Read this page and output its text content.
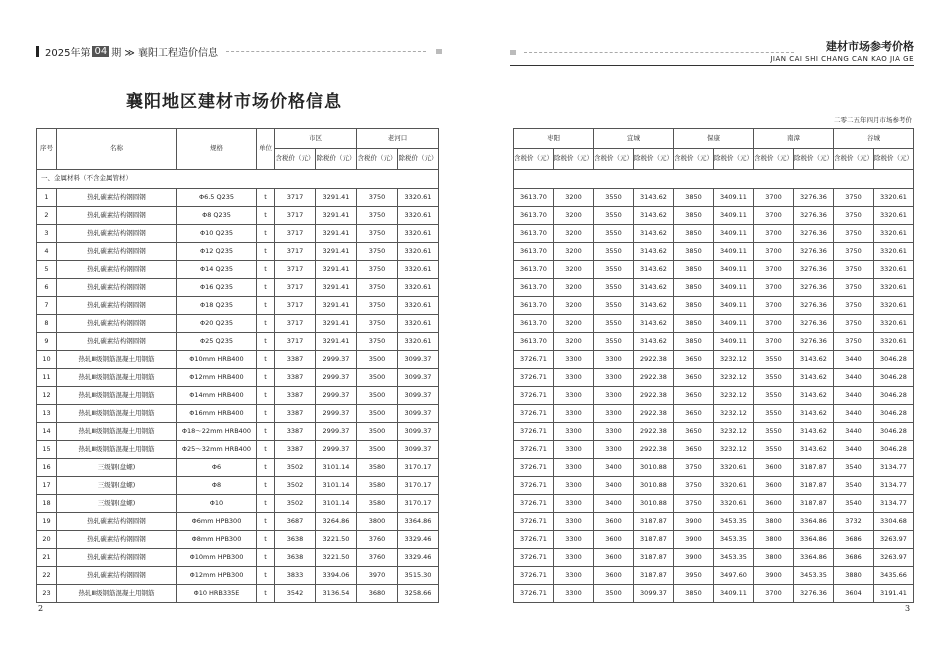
2025年第 04 期 ≫ 襄阳工程造价信息
建材市场参考价格
JIAN CAI SHI CHANG CAN KAO JIA GE
襄阳地区建材市场价格信息
二零二五年四月市场参考价
序号	名称	规格	单位	市区		老河口	
				含税价（元）	除税价（元）	含税价（元）	除税价（元）
一、金属材料（不含金属管材）							
1	热轧碳素结构钢圆钢	Φ6.5 Q235	t	3717	3291.41	3750	3320.61
2	热轧碳素结构钢圆钢	Φ8 Q235	t	3717	3291.41	3750	3320.61
3	热轧碳素结构钢圆钢	Φ10 Q235	t	3717	3291.41	3750	3320.61
4	热轧碳素结构钢圆钢	Φ12 Q235	t	3717	3291.41	3750	3320.61
5	热轧碳素结构钢圆钢	Φ14 Q235	t	3717	3291.41	3750	3320.61
6	热轧碳素结构钢圆钢	Φ16 Q235	t	3717	3291.41	3750	3320.61
7	热轧碳素结构钢圆钢	Φ18 Q235	t	3717	3291.41	3750	3320.61
8	热轧碳素结构钢圆钢	Φ20 Q235	t	3717	3291.41	3750	3320.61
9	热轧碳素结构钢圆钢	Φ25 Q235	t	3717	3291.41	3750	3320.61
10	热轧Ⅲ级钢筋混凝土用钢筋	Φ10mm HRB400	t	3387	2999.37	3500	3099.37
11	热轧Ⅲ级钢筋混凝土用钢筋	Φ12mm HRB400	t	3387	2999.37	3500	3099.37
12	热轧Ⅲ级钢筋混凝土用钢筋	Φ14mm HRB400	t	3387	2999.37	3500	3099.37
13	热轧Ⅲ级钢筋混凝土用钢筋	Φ16mm HRB400	t	3387	2999.37	3500	3099.37
14	热轧Ⅲ级钢筋混凝土用钢筋	Φ18～22mm HRB400	t	3387	2999.37	3500	3099.37
15	热轧Ⅲ级钢筋混凝土用钢筋	Φ25～32mm HRB400	t	3387	2999.37	3500	3099.37
16	三级钢(盘螺)	Φ6	t	3502	3101.14	3580	3170.17
17	三级钢(盘螺)	Φ8	t	3502	3101.14	3580	3170.17
18	三级钢(盘螺)	Φ10	t	3502	3101.14	3580	3170.17
19	热轧碳素结构钢圆钢	Φ6mm HPB300	t	3687	3264.86	3800	3364.86
20	热轧碳素结构钢圆钢	Φ8mm HPB300	t	3638	3221.50	3760	3329.46
21	热轧碳素结构钢圆钢	Φ10mm HPB300	t	3638	3221.50	3760	3329.46
22	热轧碳素结构钢圆钢	Φ12mm HPB300	t	3833	3394.06	3970	3515.30
23	热轧Ⅲ级钢筋混凝土用钢筋	Φ10 HRB335E	t	3542	3136.54	3680	3258.66
枣阳		宜城		保康		南漳		谷城	
含税价（元）	除税价（元）	含税价（元）	除税价（元）	含税价（元）	除税价（元）	含税价（元）	除税价（元）	含税价（元）	除税价（元）

3613.70	3200	3550	3143.62	3850	3409.11	3700	3276.36	3750	3320.61
3613.70	3200	3550	3143.62	3850	3409.11	3700	3276.36	3750	3320.61
3613.70	3200	3550	3143.62	3850	3409.11	3700	3276.36	3750	3320.61
3613.70	3200	3550	3143.62	3850	3409.11	3700	3276.36	3750	3320.61
3613.70	3200	3550	3143.62	3850	3409.11	3700	3276.36	3750	3320.61
3613.70	3200	3550	3143.62	3850	3409.11	3700	3276.36	3750	3320.61
3613.70	3200	3550	3143.62	3850	3409.11	3700	3276.36	3750	3320.61
3613.70	3200	3550	3143.62	3850	3409.11	3700	3276.36	3750	3320.61
3613.70	3200	3550	3143.62	3850	3409.11	3700	3276.36	3750	3320.61
3726.71	3300	3300	2922.38	3650	3232.12	3550	3143.62	3440	3046.28
3726.71	3300	3300	2922.38	3650	3232.12	3550	3143.62	3440	3046.28
3726.71	3300	3300	2922.38	3650	3232.12	3550	3143.62	3440	3046.28
3726.71	3300	3300	2922.38	3650	3232.12	3550	3143.62	3440	3046.28
3726.71	3300	3300	2922.38	3650	3232.12	3550	3143.62	3440	3046.28
3726.71	3300	3300	2922.38	3650	3232.12	3550	3143.62	3440	3046.28
3726.71	3300	3400	3010.88	3750	3320.61	3600	3187.87	3540	3134.77
3726.71	3300	3400	3010.88	3750	3320.61	3600	3187.87	3540	3134.77
3726.71	3300	3400	3010.88	3750	3320.61	3600	3187.87	3540	3134.77
3726.71	3300	3600	3187.87	3900	3453.35	3800	3364.86	3732	3304.68
3726.71	3300	3600	3187.87	3900	3453.35	3800	3364.86	3686	3263.97
3726.71	3300	3600	3187.87	3900	3453.35	3800	3364.86	3686	3263.97
3726.71	3300	3600	3187.87	3950	3497.60	3900	3453.35	3880	3435.66
3726.71	3300	3500	3099.37	3850	3409.11	3700	3276.36	3604	3191.41
2	3
